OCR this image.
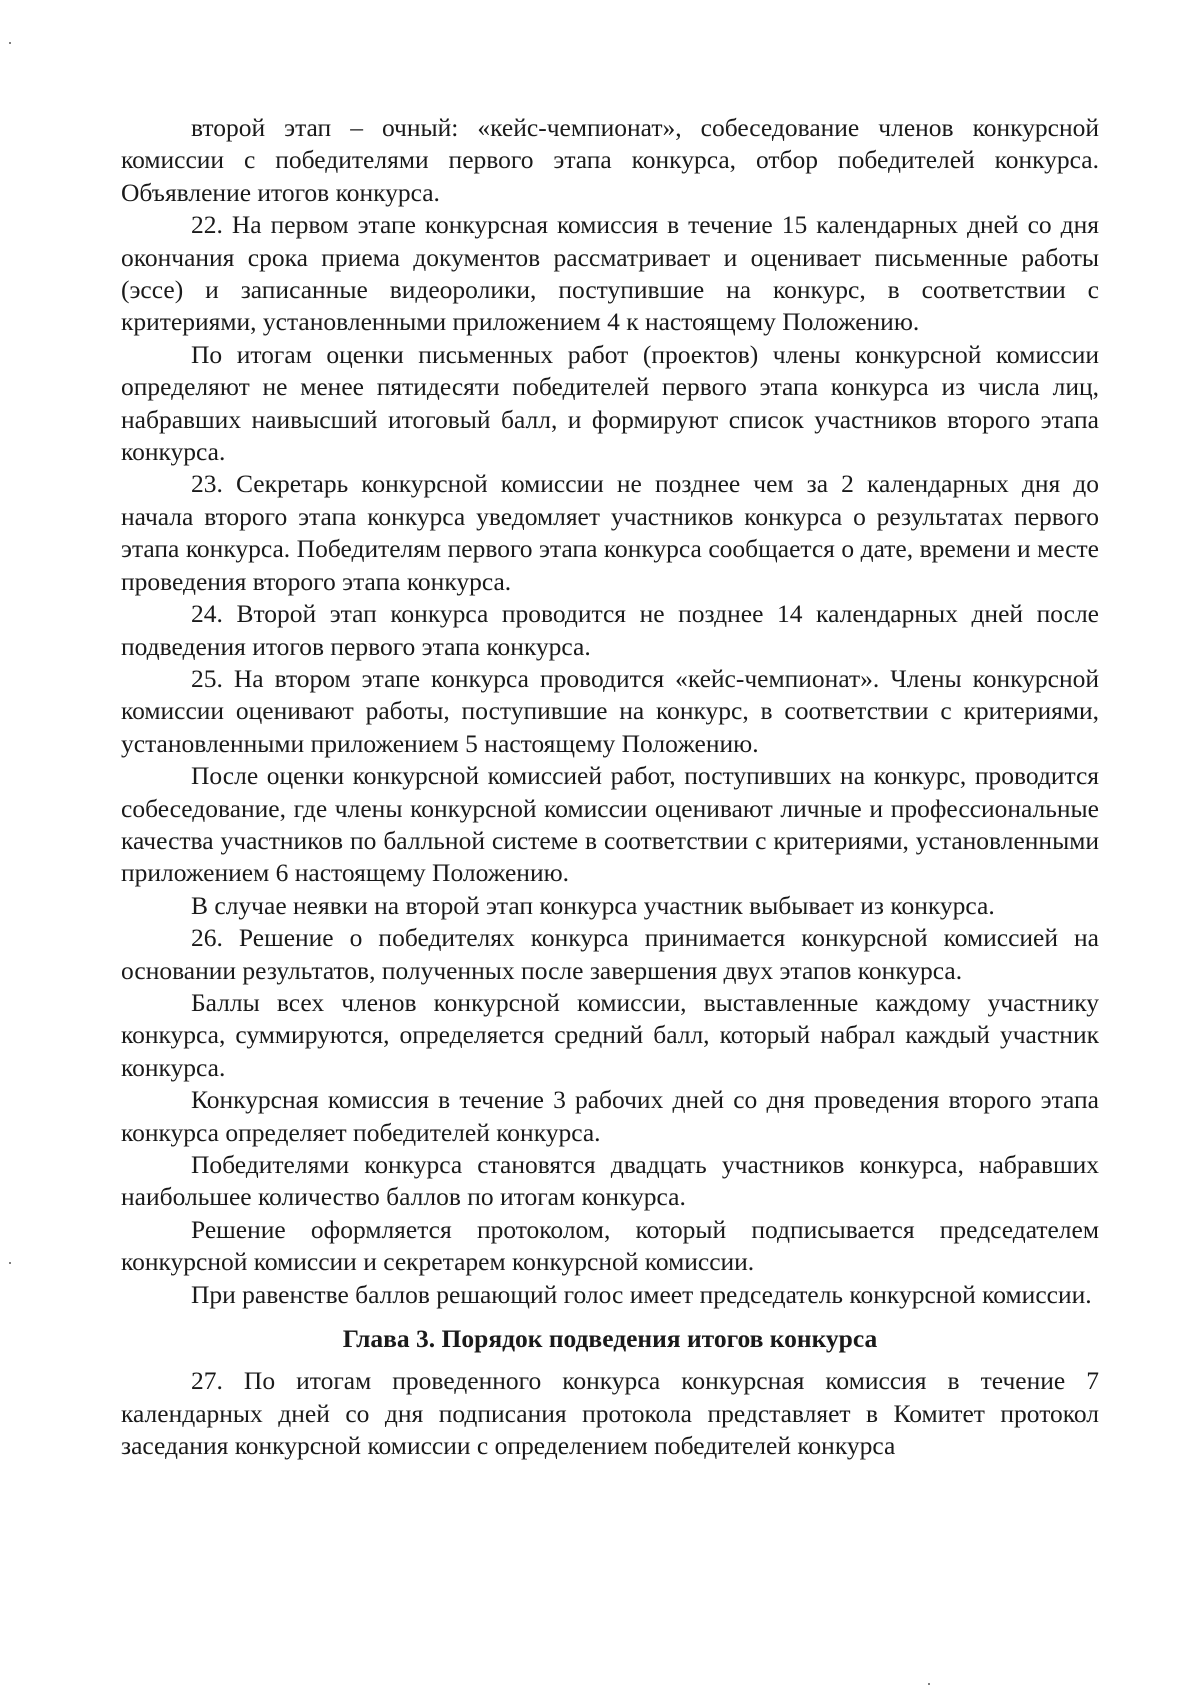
второй этап – очный: «кейс-чемпионат», собеседование членов конкурсной комиссии с победителями первого этапа конкурса, отбор победителей конкурса. Объявление итогов конкурса.

22. На первом этапе конкурсная комиссия в течение 15 календарных дней со дня окончания срока приема документов рассматривает и оценивает письменные работы (эссе) и записанные видеоролики, поступившие на конкурс, в соответствии с критериями, установленными приложением 4 к настоящему Положению.

По итогам оценки письменных работ (проектов) члены конкурсной комиссии определяют не менее пятидесяти победителей первого этапа конкурса из числа лиц, набравших наивысший итоговый балл, и формируют список участников второго этапа конкурса.

23. Секретарь конкурсной комиссии не позднее чем за 2 календарных дня до начала второго этапа конкурса уведомляет участников конкурса о результатах первого этапа конкурса. Победителям первого этапа конкурса сообщается о дате, времени и месте проведения второго этапа конкурса.

24. Второй этап конкурса проводится не позднее 14 календарных дней после подведения итогов первого этапа конкурса.

25. На втором этапе конкурса проводится «кейс-чемпионат». Члены конкурсной комиссии оценивают работы, поступившие на конкурс, в соответствии с критериями, установленными приложением 5 настоящему Положению.

После оценки конкурсной комиссией работ, поступивших на конкурс, проводится собеседование, где члены конкурсной комиссии оценивают личные и профессиональные качества участников по балльной системе в соответствии с критериями, установленными приложением 6 настоящему Положению.

В случае неявки на второй этап конкурса участник выбывает из конкурса.

26. Решение о победителях конкурса принимается конкурсной комиссией на основании результатов, полученных после завершения двух этапов конкурса.

Баллы всех членов конкурсной комиссии, выставленные каждому участнику конкурса, суммируются, определяется средний балл, который набрал каждый участник конкурса.

Конкурсная комиссия в течение 3 рабочих дней со дня проведения второго этапа конкурса определяет победителей конкурса.

Победителями конкурса становятся двадцать участников конкурса, набравших наибольшее количество баллов по итогам конкурса.

Решение оформляется протоколом, который подписывается председателем конкурсной комиссии и секретарем конкурсной комиссии.

При равенстве баллов решающий голос имеет председатель конкурсной комиссии.

Глава 3. Порядок подведения итогов конкурса

27. По итогам проведенного конкурса конкурсная комиссия в течение 7 календарных дней со дня подписания протокола представляет в Комитет протокол заседания конкурсной комиссии с определением победителей конкурса
